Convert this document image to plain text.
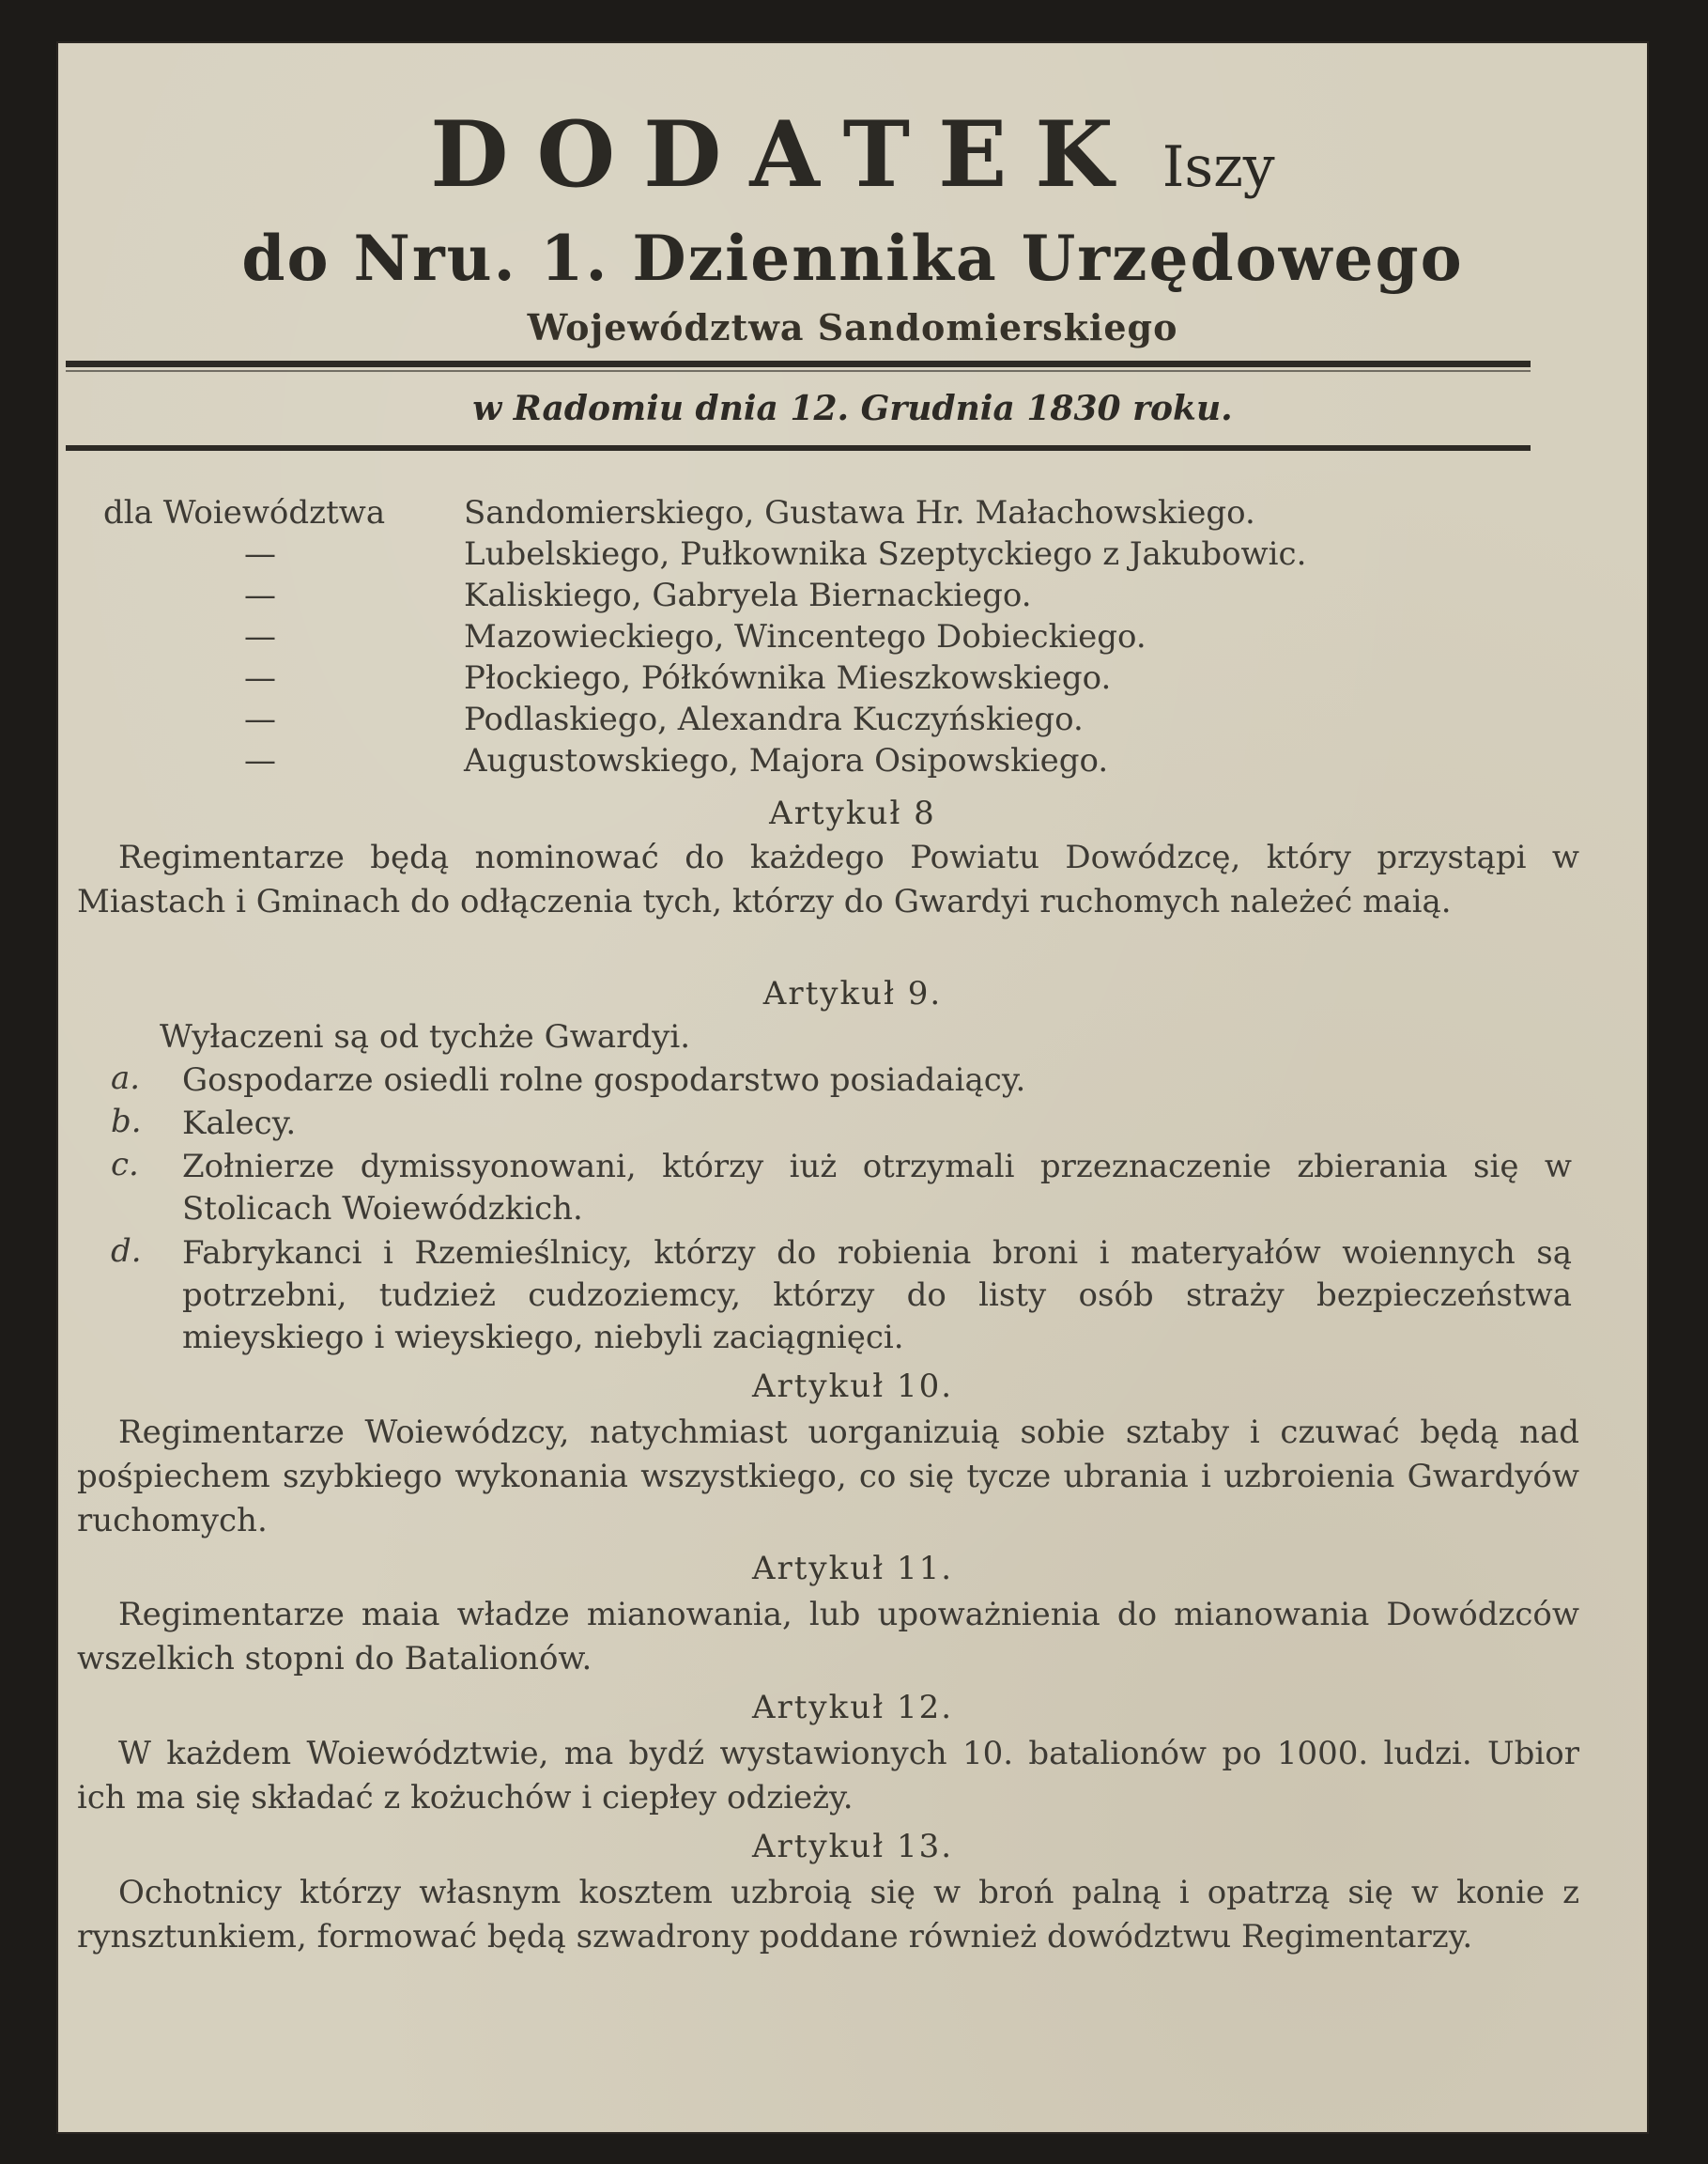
DODATEK Iszy
do Nru. 1. Dziennika Urzędowego
Województwa Sandomierskiego
w Radomiu dnia 12. Grudnia 1830 roku.
dla Woiewództwa Sandomierskiego, Gustawa Hr. Małachowskiego.
—	Lubelskiego, Pułkownika Szeptyckiego z Jakubowic.
—	Kaliskiego, Gabryela Biernackiego.
—	Mazowieckiego, Wincentego Dobieckiego.
—	Płockiego, Półkównika Mieszkowskiego.
—	Podlaskiego, Alexandra Kuczyńskiego.
—	Augustowskiego, Majora Osipowskiego.
Artykuł 8
Regimentarze będą nominować do każdego Powiatu Dowódzcę, który przystąpi w Miastach i Gminach do odłączenia tych, którzy do Gwardyi ruchomych należeć maią.
Artykuł 9.
Wyłaczeni są od tychże Gwardyi.
a. Gospodarze osiedli rolne gospodarstwo posiadaiący.
b. Kalecy.
c. Zołnierze dymissyonowani, którzy iuż otrzymali przeznaczenie zbierania się w Stolicach Woiewódzkich.
d. Fabrykanci i Rzemieślnicy, którzy do robienia broni i materyałów woiennych są potrzebni, tudzież cudzoziemcy, którzy do listy osób straży bezpieczeństwa mieyskiego i wieyskiego, niebyli zaciągnięci.
Artykuł 10.
Regimentarze Woiewódzcy, natychmiast uorganizuią sobie sztaby i czuwać będą nad pośpiechem szybkiego wykonania wszystkiego, co się tycze ubrania i uzbroienia Gwardyów ruchomych.
Artykuł 11.
Regimentarze maia władze mianowania, lub upoważnienia do mianowania Dowódzców wszelkich stopni do Batalionów.
Artykuł 12.
W każdem Woiewództwie, ma bydź wystawionych 10. batalionów po 1000. ludzi. Ubior ich ma się składać z kożuchów i ciepłey odzieży.
Artykuł 13.
Ochotnicy którzy własnym kosztem uzbroią się w broń palną i opatrzą się w konie z rynsztunkiem, formować będą szwadrony poddane również dowództwu Regimentarzy.
